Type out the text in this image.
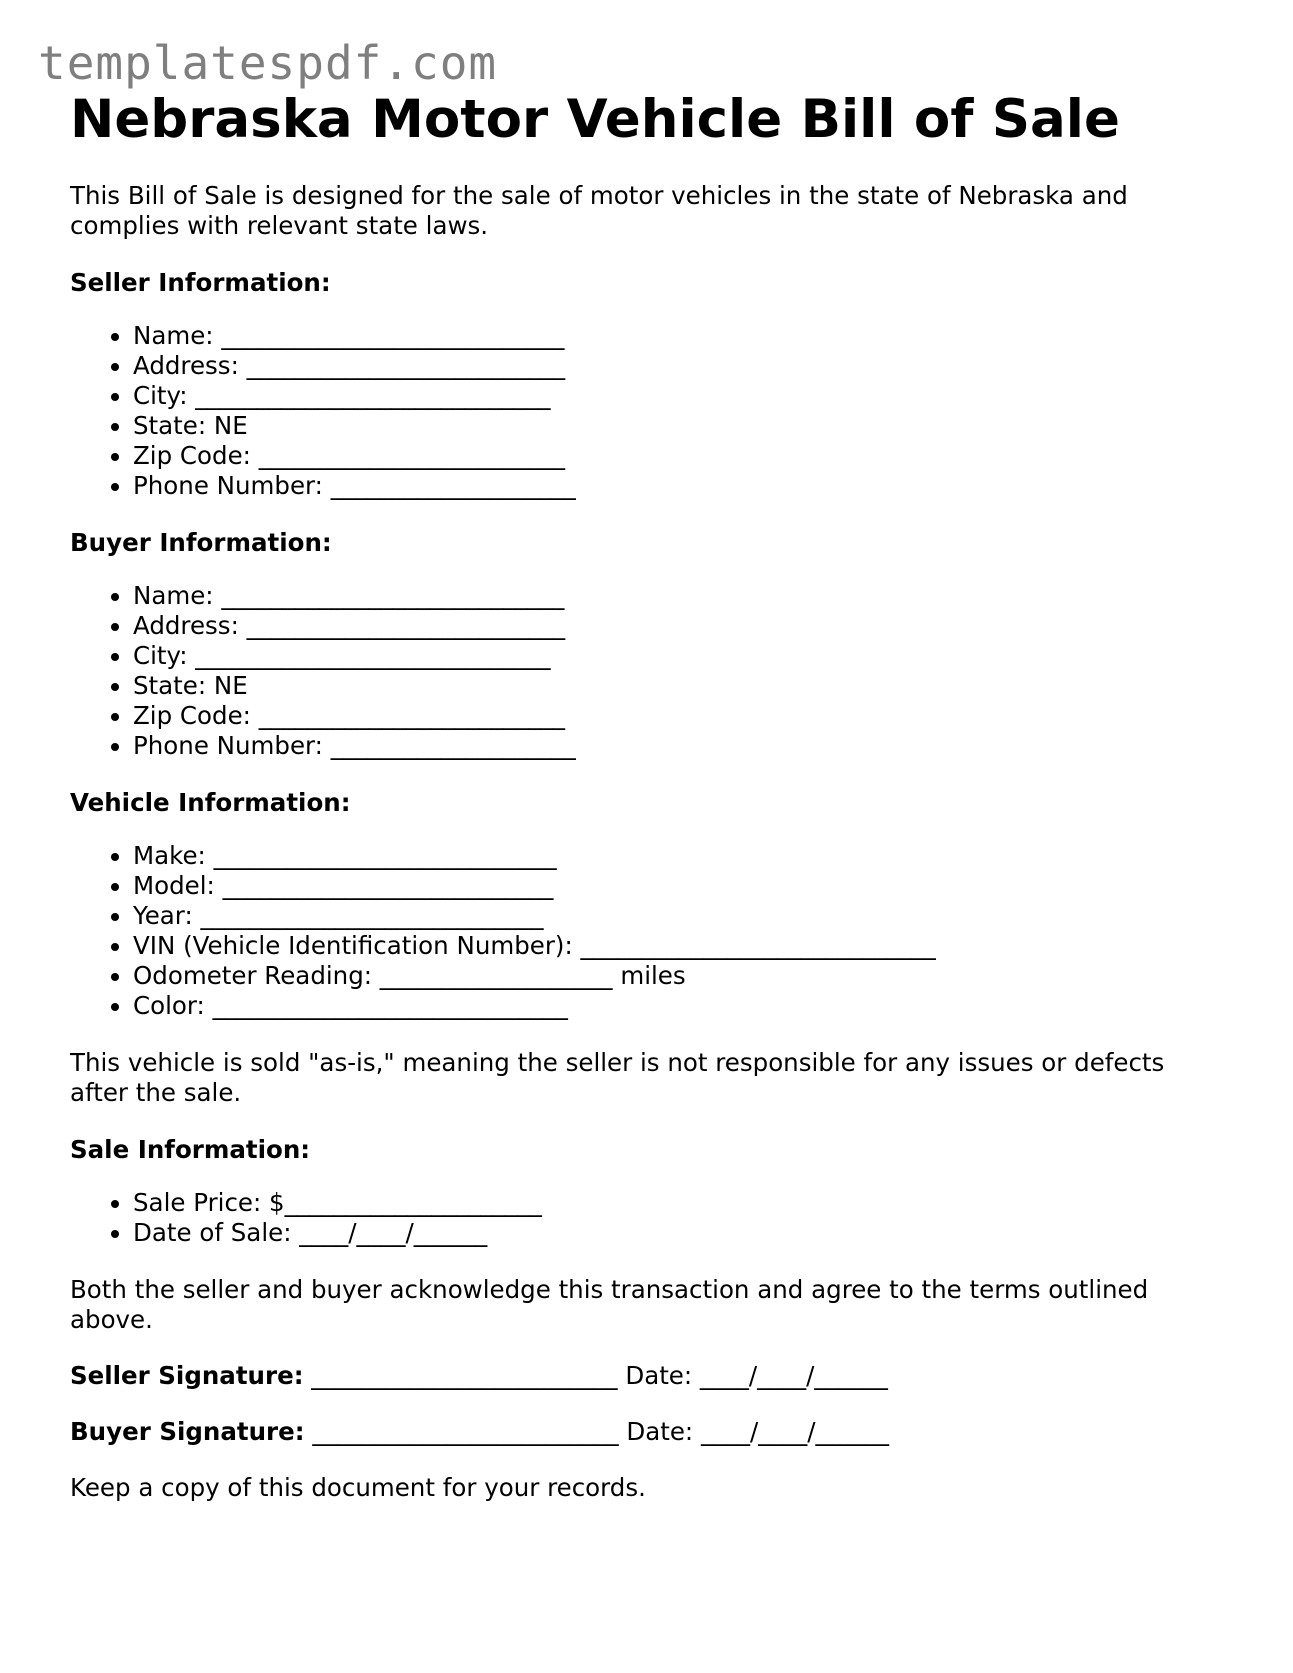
templatespdf.com
Nebraska Motor Vehicle Bill of Sale

This Bill of Sale is designed for the sale of motor vehicles in the state of Nebraska and complies with relevant state laws.

Seller Information:

• Name: ____________________________
• Address: __________________________
• City: _____________________________
• State: NE
• Zip Code: _________________________
• Phone Number: ____________________

Buyer Information:

• Name: ____________________________
• Address: __________________________
• City: _____________________________
• State: NE
• Zip Code: _________________________
• Phone Number: ____________________

Vehicle Information:

• Make: ____________________________
• Model: ___________________________
• Year: ____________________________
• VIN (Vehicle Identification Number): _____________________________
• Odometer Reading: ___________________ miles
• Color: _____________________________

This vehicle is sold "as-is," meaning the seller is not responsible for any issues or defects after the sale.

Sale Information:

• Sale Price: $_____________________
• Date of Sale: ____/____/______

Both the seller and buyer acknowledge this transaction and agree to the terms outlined above.

Seller Signature: _________________________ Date: ____/____/______

Buyer Signature: _________________________ Date: ____/____/______

Keep a copy of this document for your records.
